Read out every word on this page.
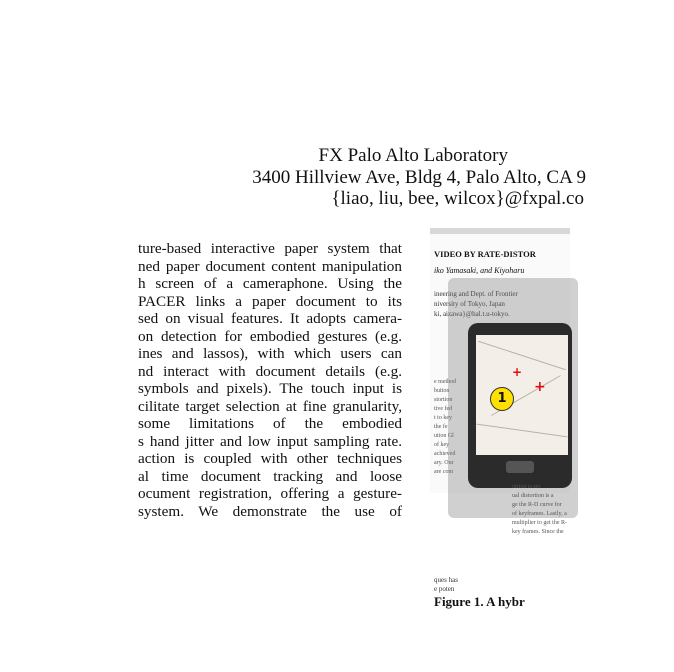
FX Palo Alto Laboratory
3400 Hillview Ave, Bldg 4, Palo Alto, CA 9
{liao, liu, bee, wilcox}@fxpal.co
ture-based interactive paper system that
ned paper document content manipulation
h screen of a cameraphone. Using the
PACER links a paper document to its
sed on visual features. It adopts camera-
on detection for embodied gestures (e.g.
ines and lassos), with which users can
nd interact with document details (e.g.
symbols and pixels). The touch input is
cilitate target selection at fine granularity,
some limitations of the embodied
s hand jitter and low input sampling rate.
action is coupled with other techniques
al time document tracking and loose
ocument registration, offering a gesture-
system. We demonstrate the use of
VIDEO BY RATE-DISTOR
iko Yamasaki, and Kiyoharu
ineering and Dept. of Frontier
niversity of Tokyo, Japan
ki, aizawa}@hal.t.u-tokyo.
e method
bution
stortion
tive fed
t to key
the fe
ution Gl
of key
achieved
ary. Our
are com
+
+
1
ortion is set
ual distortion is a
ge the R-D curve for
of keyframes. Lastly, a
multiplier to get the R-
key frames. Since the
ques has
e poten
Figure 1. A hybr
